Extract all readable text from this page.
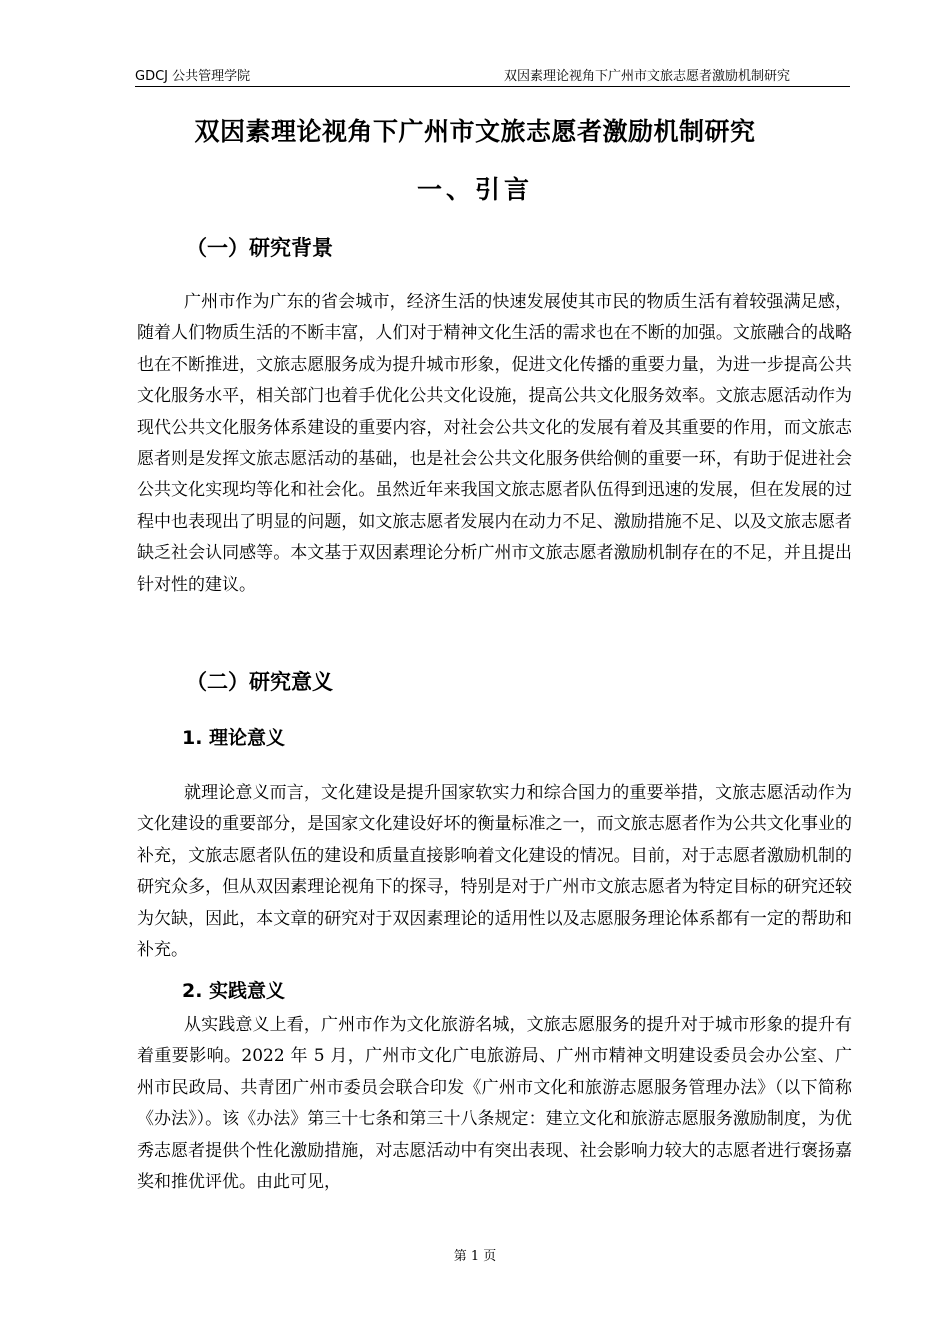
GDCJ 公共管理学院	双因素理论视角下广州市文旅志愿者激励机制研究
双因素理论视角下广州市文旅志愿者激励机制研究
一、引言
（一）研究背景

广州市作为广东的省会城市，经济生活的快速发展使其市民的物质生活有着较强满足感，随着人们物质生活的不断丰富，人们对于精神文化生活的需求也在不断的加强。文旅融合的战略也在不断推进，文旅志愿服务成为提升城市形象，促进文化传播的重要力量，为进一步提高公共文化服务水平，相关部门也着手优化公共文化设施，提高公共文化服务效率。文旅志愿活动作为现代公共文化服务体系建设的重要内容，对社会公共文化的发展有着及其重要的作用，而文旅志愿者则是发挥文旅志愿活动的基础，也是社会公共文化服务供给侧的重要一环，有助于促进社会公共文化实现均等化和社会化。虽然近年来我国文旅志愿者队伍得到迅速的发展，但在发展的过程中也表现出了明显的问题，如文旅志愿者发展内在动力不足、激励措施不足、以及文旅志愿者缺乏社会认同感等。本文基于双因素理论分析广州市文旅志愿者激励机制存在的不足，并且提出针对性的建议。

（二）研究意义
1. 理论意义

就理论意义而言，文化建设是提升国家软实力和综合国力的重要举措，文旅志愿活动作为文化建设的重要部分，是国家文化建设好坏的衡量标准之一，而文旅志愿者作为公共文化事业的补充，文旅志愿者队伍的建设和质量直接影响着文化建设的情况。目前，对于志愿者激励机制的研究众多，但从双因素理论视角下的探寻，特别是对于广州市文旅志愿者为特定目标的研究还较为欠缺，因此，本文章的研究对于双因素理论的适用性以及志愿服务理论体系都有一定的帮助和补充。

2. 实践意义

从实践意义上看，广州市作为文化旅游名城，文旅志愿服务的提升对于城市形象的提升有着重要影响。2022 年 5 月，广州市文化广电旅游局、广州市精神文明建设委员会办公室、广州市民政局、共青团广州市委员会联合印发《广州市文化和旅游志愿服务管理办法》（以下简称《办法》）。该《办法》第三十七条和第三十八条规定：建立文化和旅游志愿服务激励制度，为优秀志愿者提供个性化激励措施，对志愿活动中有突出表现、社会影响力较大的志愿者进行褒扬嘉奖和推优评优。由此可见，

第 1 页
